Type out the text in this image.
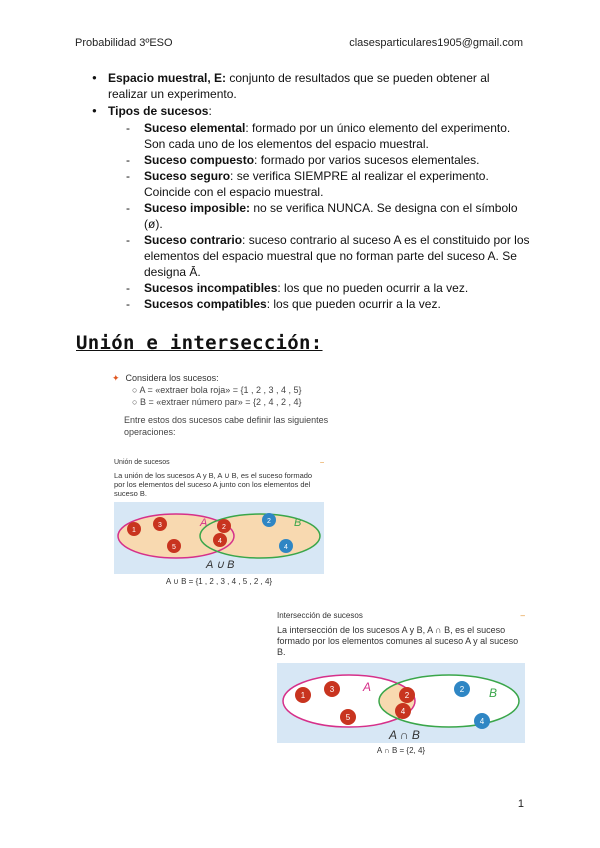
Probabilidad 3ºESO	clasesparticulares1905@gmail.com
● Espacio muestral, E: conjunto de resultados que se pueden obtener al realizar un experimento.
● Tipos de sucesos:
- Suceso elemental: formado por un único elemento del experimento. Son cada uno de los elementos del espacio muestral.
- Suceso compuesto: formado por varios sucesos elementales.
- Suceso seguro: se verifica SIEMPRE al realizar el experimento. Coincide con el espacio muestral.
- Suceso imposible: no se verifica NUNCA. Se designa con el símbolo (ø).
- Suceso contrario: suceso contrario al suceso A es el constituido por los elementos del espacio muestral que no forman parte del suceso A. Se designa Ā.
- Sucesos incompatibles: los que no pueden ocurrir a la vez.
- Sucesos compatibles: los que pueden ocurrir a la vez.
Unión e intersección:
✦ Considera los sucesos:
○ A = «extraer bola roja» = {1 , 2 , 3 , 4 , 5}
○ B = «extraer número par» = {2 , 4 , 2 , 4}
Entre estos dos sucesos cabe definir las siguientes operaciones:
Unión de sucesos	–
La unión de los sucesos A y B, A ∪ B, es el suceso formado por los elementos del suceso A junto con los elementos del suceso B.
A	B
A ∪ B
1
3
5
2
4
2
4
A ∪ B = {1 , 2 , 3 , 4 , 5 , 2 , 4}
Intersección de sucesos	–
La intersección de los sucesos A y B, A ∩ B, es el suceso formado por los elementos comunes al suceso A y al suceso B.
A	B
A ∩ B
1
3
5
2
4
2
4
A ∩ B = {2, 4}
1
